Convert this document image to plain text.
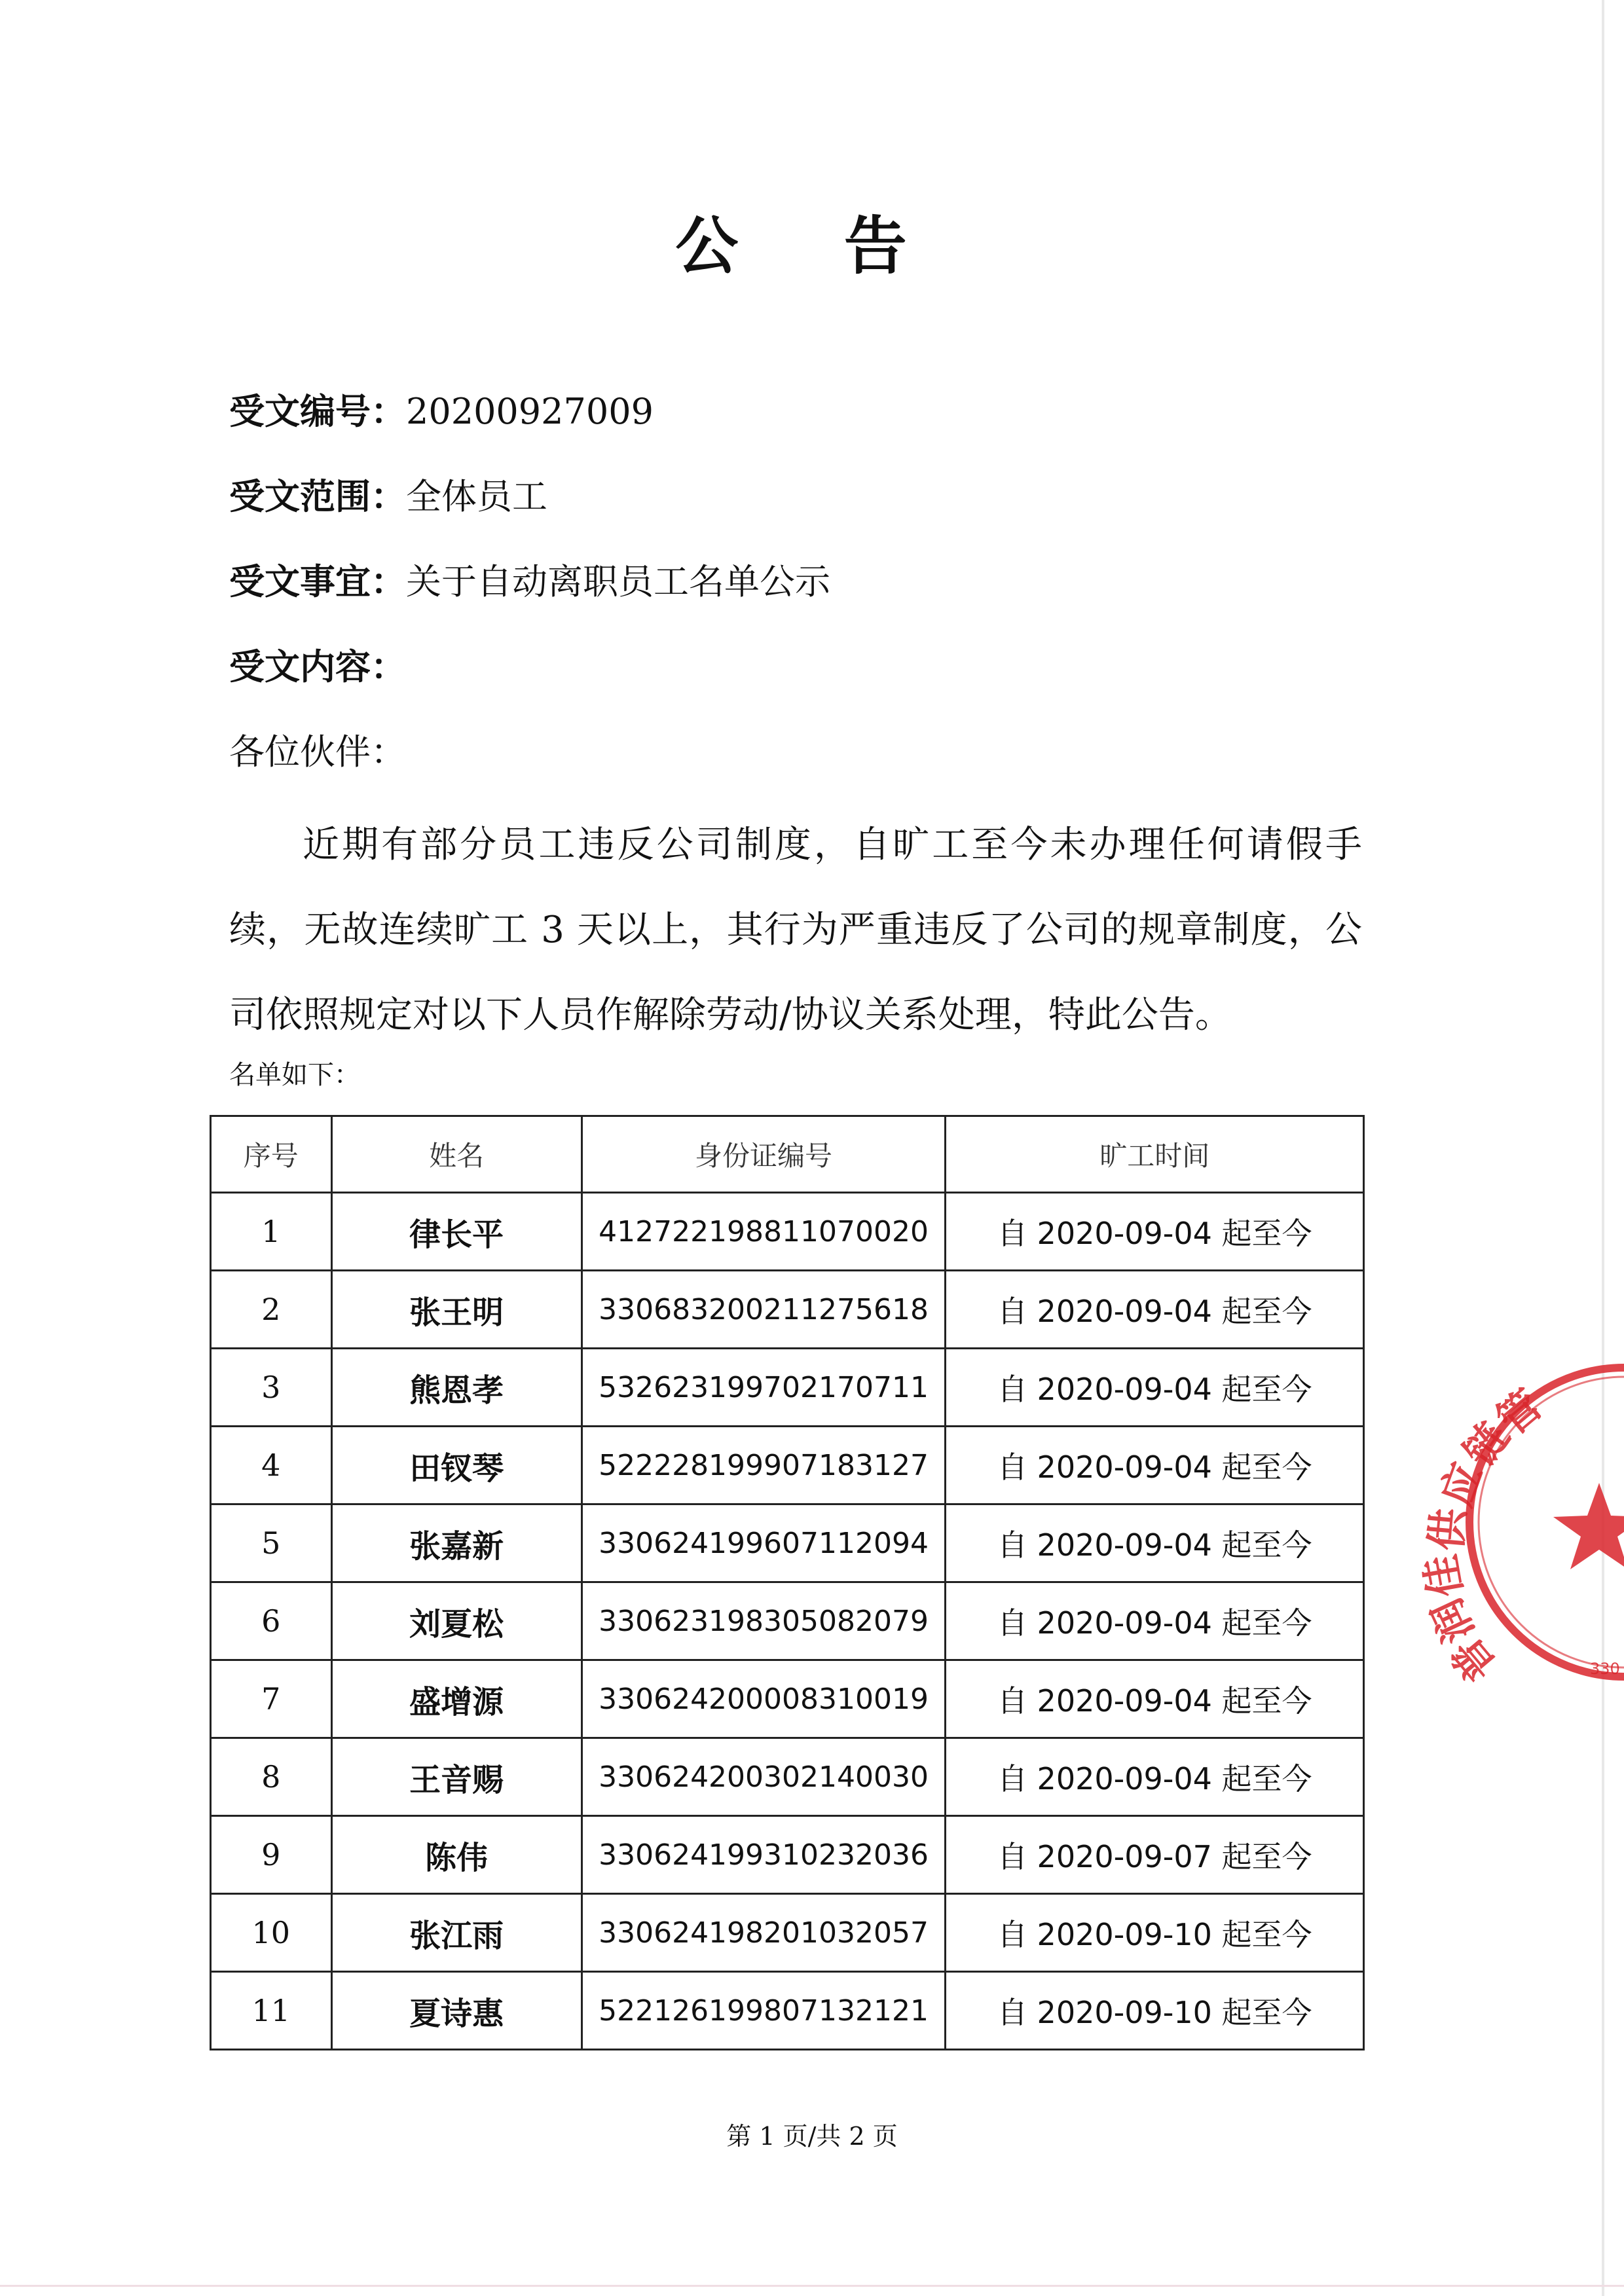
公 告
受文编号：20200927009
受文范围：全体员工
受文事宜：关于自动离职员工名单公示
受文内容：
各位伙伴：
近期有部分员工违反公司制度，自旷工至今未办理任何请假手续，无故连续旷工 3 天以上，其行为严重违反了公司的规章制度，公司依照规定对以下人员作解除劳动/协议关系处理，特此公告。
名单如下：
序号	姓名	身份证编号	旷工时间
1	律长平	412722198811070020	自 2020-09-04 起至今
2	张王明	330683200211275618	自 2020-09-04 起至今
3	熊恩孝	532623199702170711	自 2020-09-04 起至今
4	田钗琴	522228199907183127	自 2020-09-04 起至今
5	张嘉新	330624199607112094	自 2020-09-04 起至今
6	刘夏松	330623198305082079	自 2020-09-04 起至今
7	盛增源	330624200008310019	自 2020-09-04 起至今
8	王音赐	330624200302140030	自 2020-09-04 起至今
9	陈伟	330624199310232036	自 2020-09-07 起至今
10	张江雨	330624198201032057	自 2020-09-10 起至今
11	夏诗惠	522126199807132121	自 2020-09-10 起至今
管
链
应
供
佳
润
普	330
第 1 页/共 2 页
